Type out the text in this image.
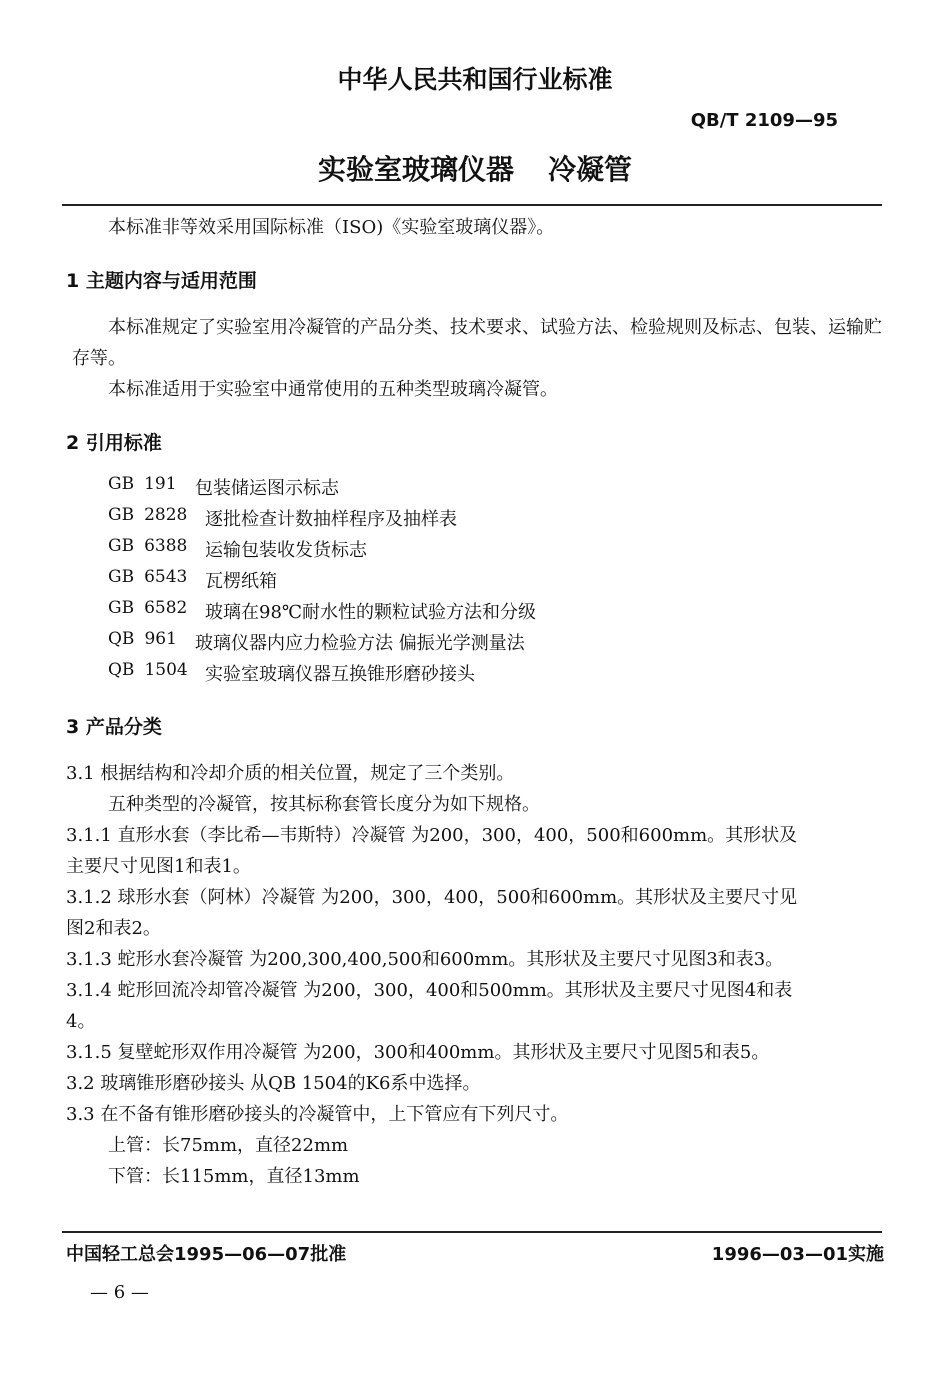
中华人民共和国行业标准
QB/T 2109—95
实验室玻璃仪器 冷凝管
本标准非等效采用国际标准（ISO)《实验室玻璃仪器》。
1 主题内容与适用范围
本标准规定了实验室用冷凝管的产品分类、技术要求、试验方法、检验规则及标志、包装、运输贮存等。
本标准适用于实验室中通常使用的五种类型玻璃冷凝管。
2 引用标准
GB 191 包装储运图示标志
GB 2828 逐批检查计数抽样程序及抽样表
GB 6388 运输包装收发货标志
GB 6543 瓦楞纸箱
GB 6582 玻璃在98℃耐水性的颗粒试验方法和分级
QB 961 玻璃仪器内应力检验方法 偏振光学测量法
QB 1504 实验室玻璃仪器互换锥形磨砂接头
3 产品分类
3.1 根据结构和冷却介质的相关位置，规定了三个类别。
五种类型的冷凝管，按其标称套管长度分为如下规格。
3.1.1 直形水套（李比希—韦斯特）冷凝管 为200，300，400，500和600mm。其形状及
主要尺寸见图1和表1。
3.1.2 球形水套（阿林）冷凝管 为200，300，400，500和600mm。其形状及主要尺寸见
图2和表2。
3.1.3 蛇形水套冷凝管 为200,300,400,500和600mm。其形状及主要尺寸见图3和表3。
3.1.4 蛇形回流冷却管冷凝管 为200，300，400和500mm。其形状及主要尺寸见图4和表
4。
3.1.5 复壁蛇形双作用冷凝管 为200，300和400mm。其形状及主要尺寸见图5和表5。
3.2 玻璃锥形磨砂接头 从QB 1504的K6系中选择。
3.3 在不备有锥形磨砂接头的冷凝管中，上下管应有下列尺寸。
上管：长75mm，直径22mm
下管：长115mm，直径13mm
中国轻工总会1995—06—07批准	1996—03—01实施
— 6 —
